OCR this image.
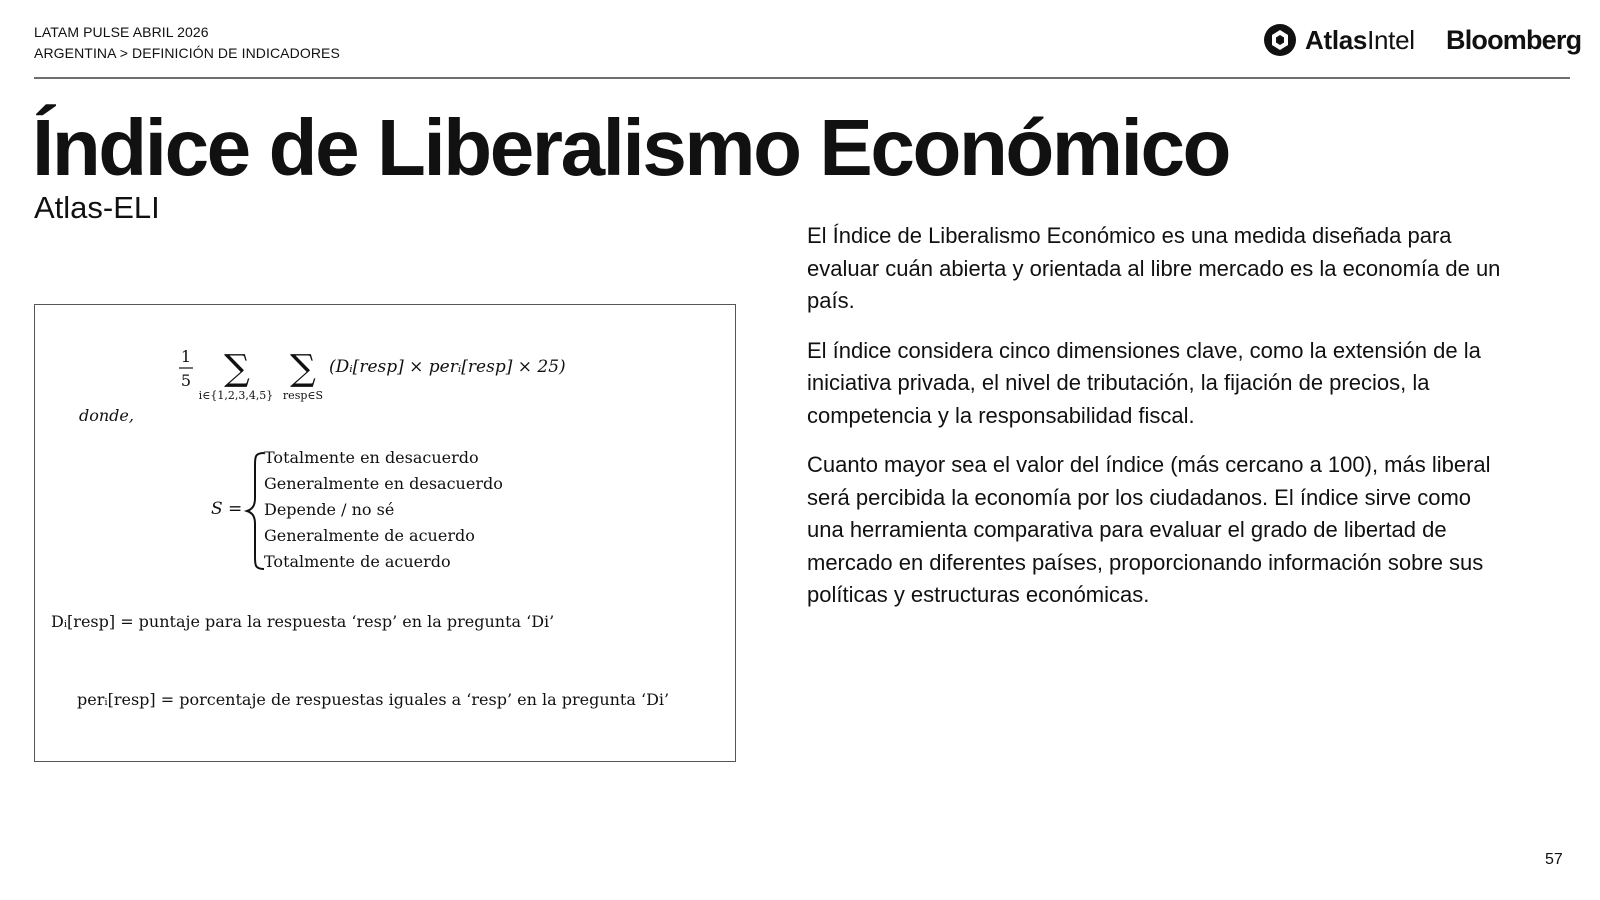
LATAM PULSE ABRIL 2026
ARGENTINA > DEFINICIÓN DE INDICADORES	AtlasIntel Bloomberg
Índice de Liberalismo Económico
Atlas-ELI
1
5 ∑
i∈{1,2,3,4,5}
∑
resp∈S
(Dᵢ[resp] × perᵢ[resp] × 25)
donde,
S =
Totalmente en desacuerdo
Generalmente en desacuerdo
Depende / no sé
Generalmente de acuerdo
Totalmente de acuerdo
Dᵢ[resp] = puntaje para la respuesta ‘resp’ en la pregunta ‘Di’
perᵢ[resp] = porcentaje de respuestas iguales a ‘resp’ en la pregunta ‘Di’

El Índice de Liberalismo Económico es una medida diseñada para evaluar cuán abierta y orientada al libre mercado es la economía de un país.

El índice considera cinco dimensiones clave, como la extensión de la iniciativa privada, el nivel de tributación, la fijación de precios, la competencia y la responsabilidad fiscal.

Cuanto mayor sea el valor del índice (más cercano a 100), más liberal será percibida la economía por los ciudadanos. El índice sirve como una herramienta comparativa para evaluar el grado de libertad de mercado en diferentes países, proporcionando información sobre sus políticas y estructuras económicas.

57
